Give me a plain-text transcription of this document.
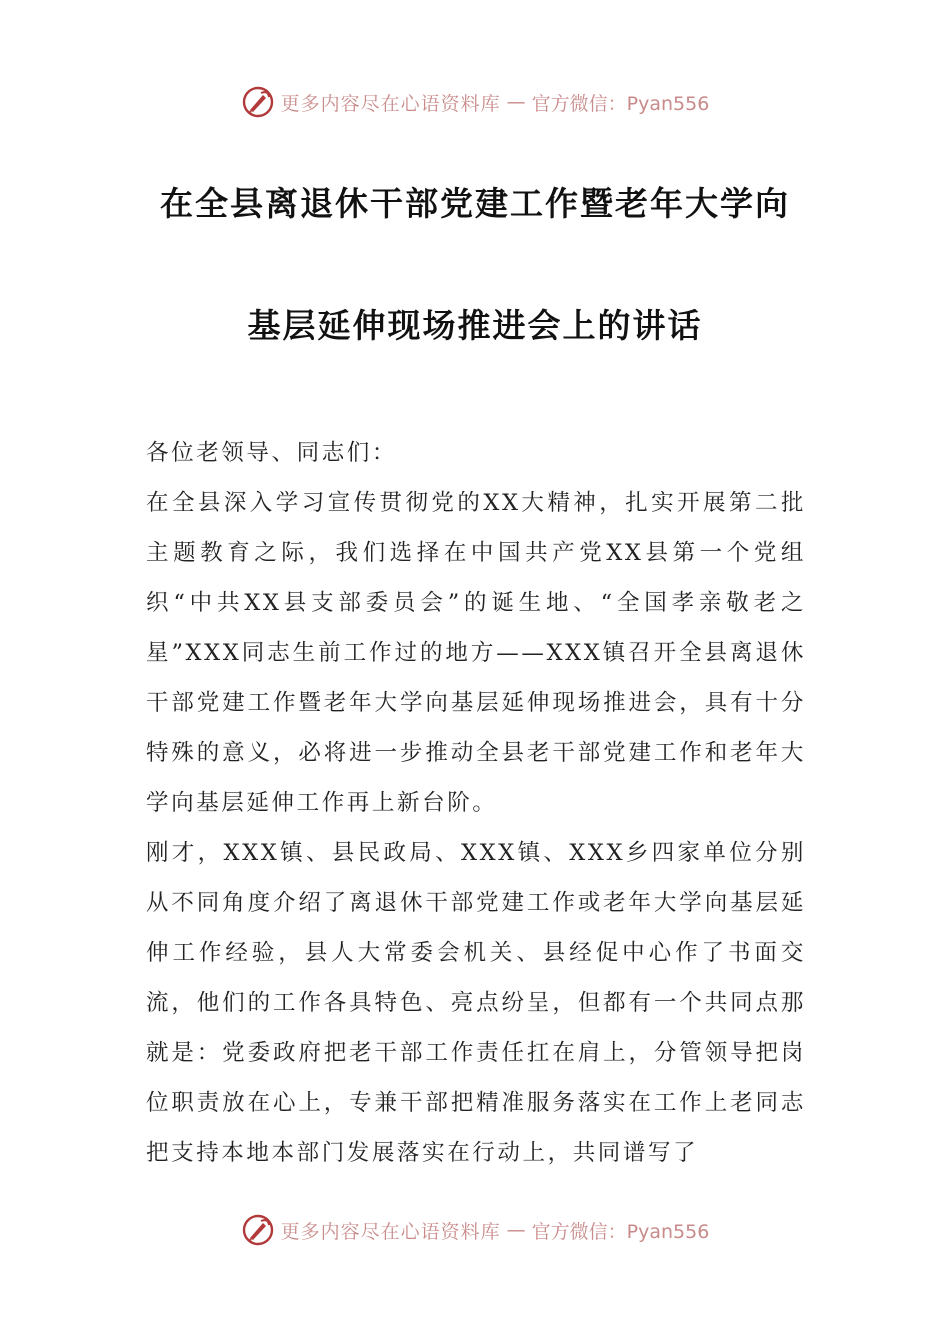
更多内容尽在心语资料库 — 官方微信：Pyan556
在全县离退休干部党建工作暨老年大学向
基层延伸现场推进会上的讲话

各位老领导、同志们：

在全县深入学习宣传贯彻党的XX大精神，扎实开展第二批主题教育之际，我们选择在中国共产党XX县第一个党组织“中共XX县支部委员会”的诞生地、“全国孝亲敬老之星”XXX同志生前工作过的地方——XXX镇召开全县离退休干部党建工作暨老年大学向基层延伸现场推进会，具有十分特殊的意义，必将进一步推动全县老干部党建工作和老年大学向基层延伸工作再上新台阶。

刚才，XXX镇、县民政局、XXX镇、XXX乡四家单位分别从不同角度介绍了离退休干部党建工作或老年大学向基层延伸工作经验，县人大常委会机关、县经促中心作了书面交流，他们的工作各具特色、亮点纷呈，但都有一个共同点那就是：党委政府把老干部工作责任扛在肩上，分管领导把岗位职责放在心上，专兼干部把精准服务落实在工作上老同志把支持本地本部门发展落实在行动上，共同谱写了

更多内容尽在心语资料库 — 官方微信：Pyan556
